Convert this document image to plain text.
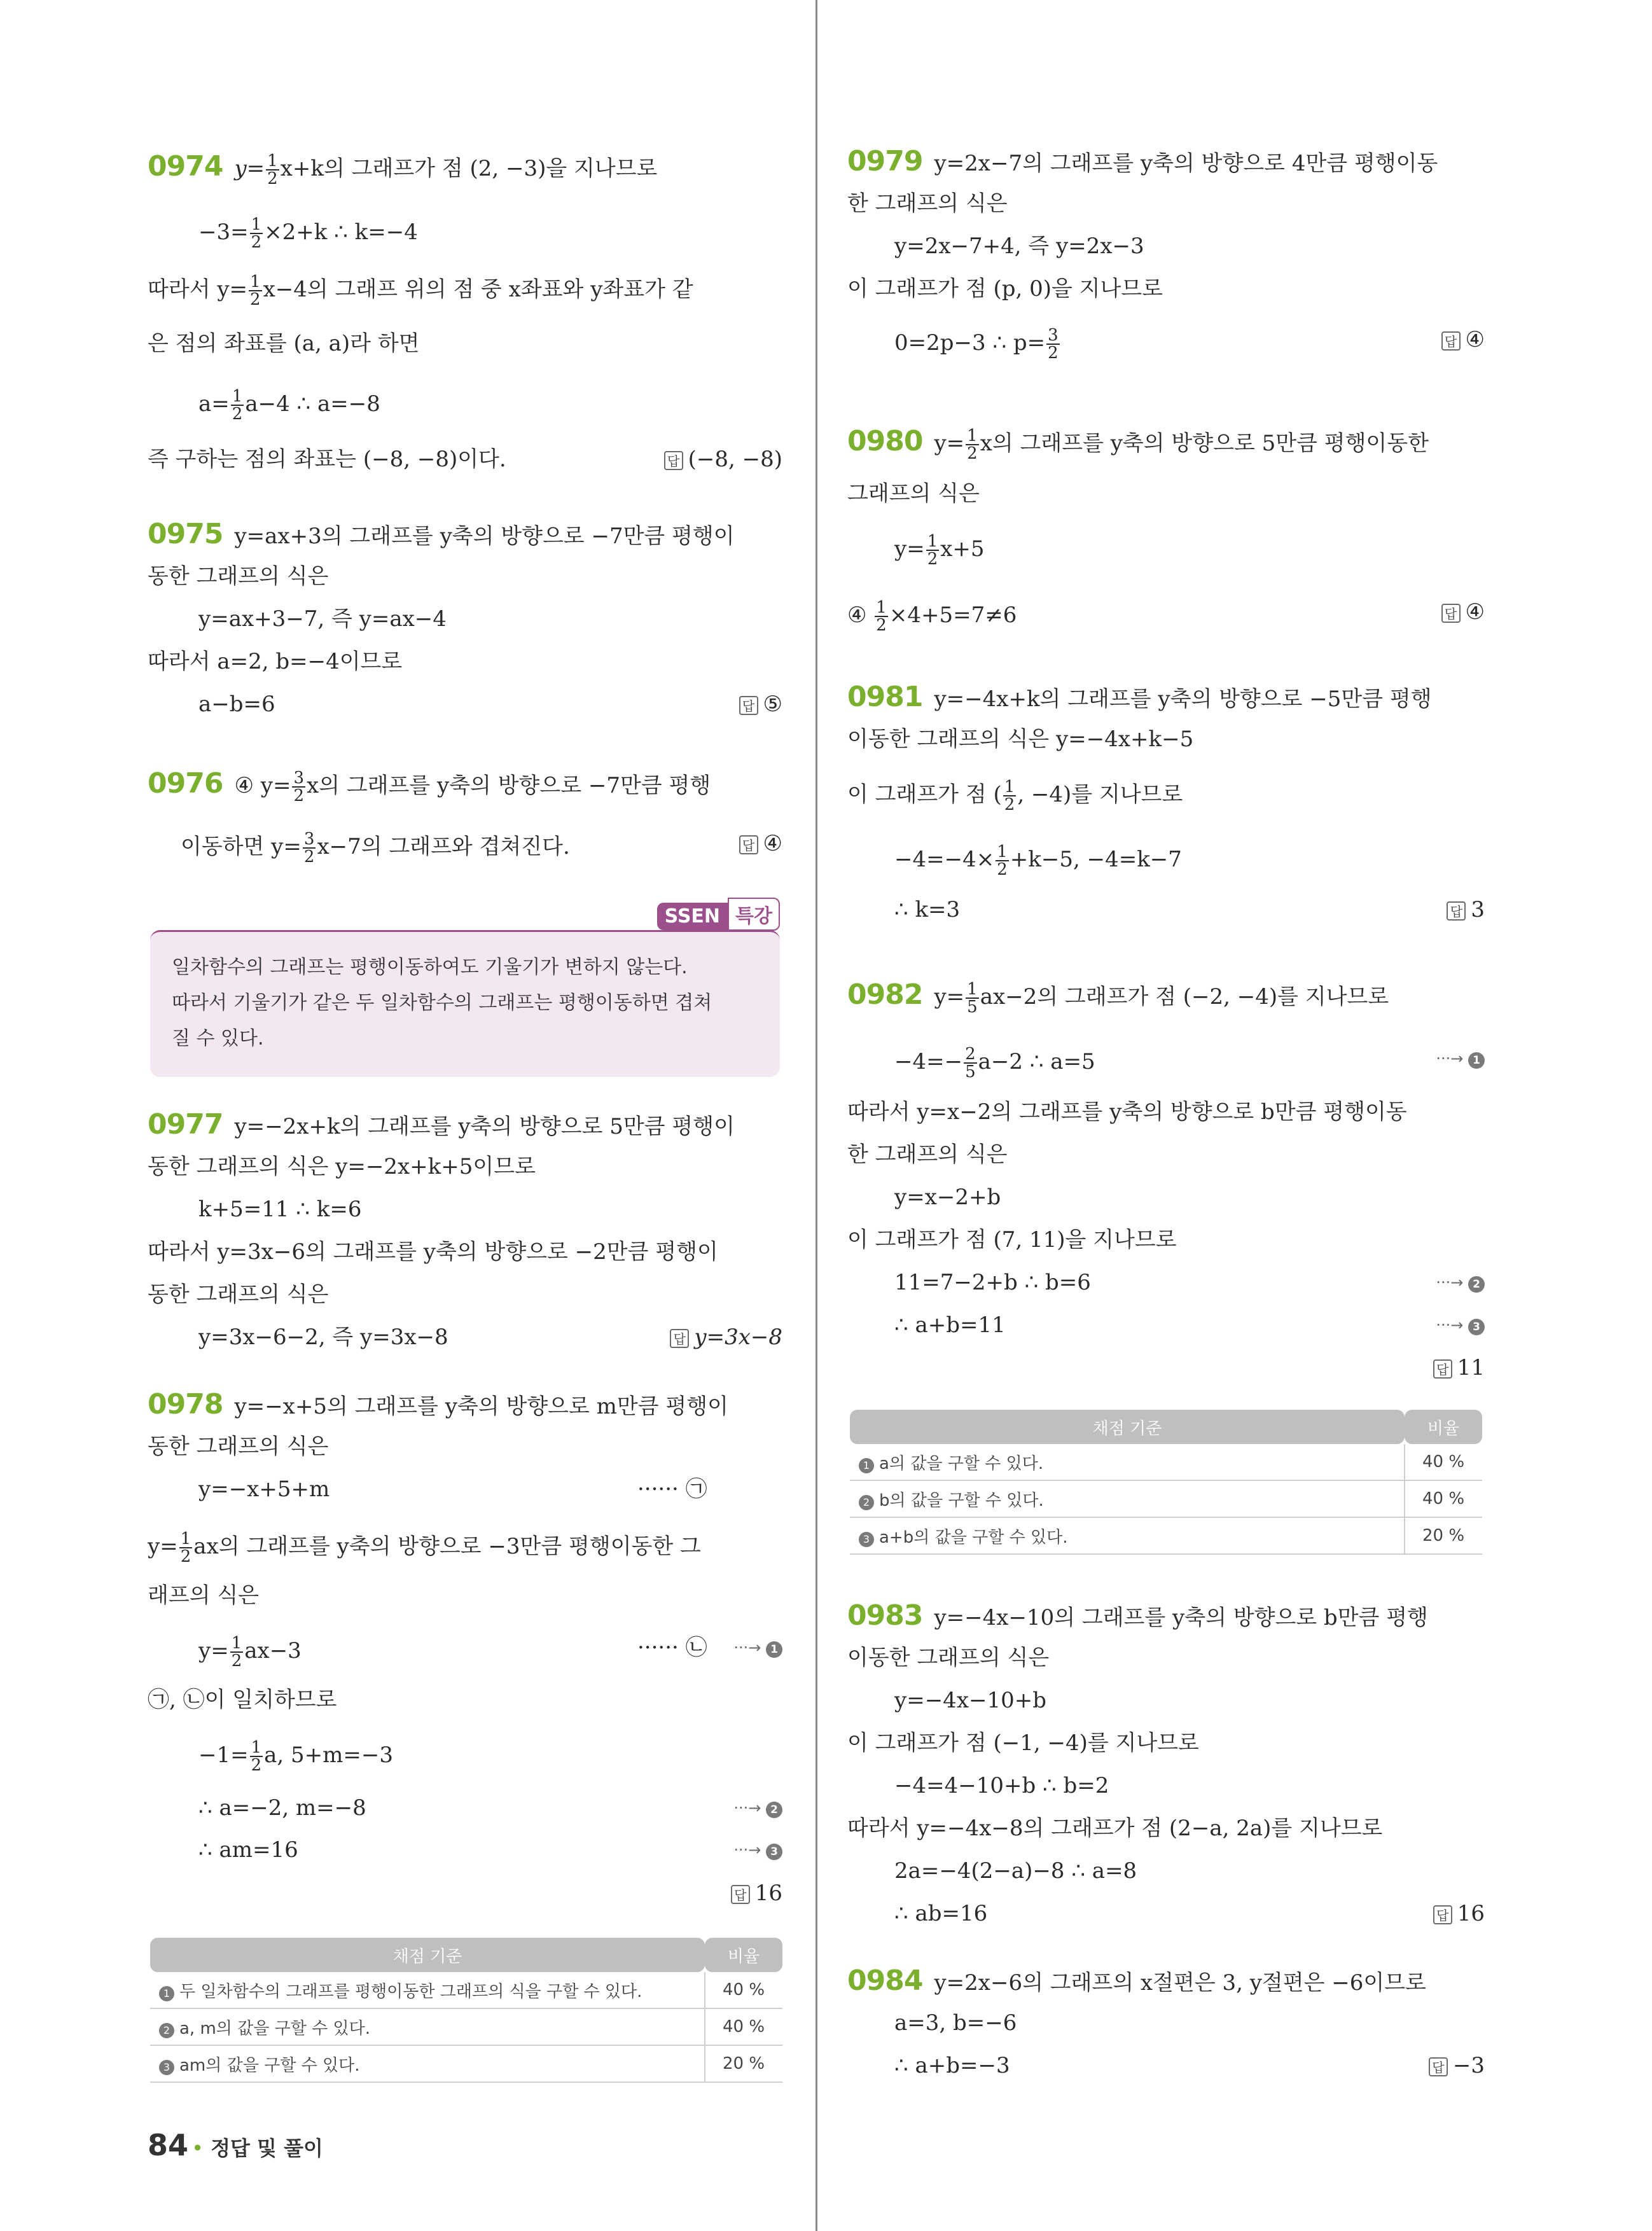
0974 $y= \frac{1}{2} x+k$의 그래프가 점 (2, −3)을 지나므로
$-3= \frac{1}{2} \times 2+k$ ∴ k=−4
따라서 $y= \frac{1}{2} x-4$의 그래프 위의 점 중 x좌표와 y좌표가 같
은 점의 좌표를 (a, a)라 하면
$a= \frac{1}{2} a-4$ ∴ a=−8
즉 구하는 점의 좌표는 (−8, −8)이다.	답 (−8, −8)
0975 y=ax+3의 그래프를 y축의 방향으로 −7만큼 평행이
동한 그래프의 식은
y=ax+3−7, 즉 y=ax−4
따라서 a=2, b=−4이므로
a−b=6	답 ⑤
0976 ④ $y= \frac{3}{2}$ x의 그래프를 y축의 방향으로 −7만큼 평행
이동하면 $y= \frac{3}{2} x-7$의 그래프와 겹쳐진다.	답 ④
SSEN 특강
일차함수의 그래프는 평행이동하여도 기울기가 변하지 않는다.
따라서 기울기가 같은 두 일차함수의 그래프는 평행이동하면 겹쳐
질 수 있다.
0977 y=−2x+k의 그래프를 y축의 방향으로 5만큼 평행이
동한 그래프의 식은 y=−2x+k+5이므로
k+5=11 ∴ k=6
따라서 y=3x−6의 그래프를 y축의 방향으로 −2만큼 평행이
동한 그래프의 식은
y=3x−6−2, 즉 y=3x−8	답 y=3x−8
0978 y=−x+5의 그래프를 y축의 방향으로 m만큼 평행이
동한 그래프의 식은
y=−x+5+m	······ ㉠
$y= \frac{1}{2}$ ax의 그래프를 y축의 방향으로 −3만큼 평행이동한 그
래프의 식은
$y= \frac{1}{2} ax-3$	······ ㉡ ···→ 1
㉠, ㉡이 일치하므로
$-1= \frac{1}{2} a$, 5+m=−3
∴ a=−2, m=−8	···→ 2
∴ am=16	···→ 3
답 16
채점 기준	비율
1 두 일차함수의 그래프를 평행이동한 그래프의 식을 구할 수 있다.	40 %
2 a, m의 값을 구할 수 있다.	40 %
3 am의 값을 구할 수 있다.	20 %
0979 y=2x−7의 그래프를 y축의 방향으로 4만큼 평행이동
한 그래프의 식은
y=2x−7+4, 즉 y=2x−3
이 그래프가 점 (p, 0)을 지나므로
0=2p−3 ∴ $p= \frac{3}{2}$	답 ④
0980 $y= \frac{1}{2}$ x의 그래프를 y축의 방향으로 5만큼 평행이동한
그래프의 식은
$y= \frac{1}{2} x+5$
④ $\frac{1}{2} \times 4+5=7\ne 6$	답 ④
0981 y=−4x+k의 그래프를 y축의 방향으로 −5만큼 평행
이동한 그래프의 식은 y=−4x+k−5
이 그래프가 점 ( $\frac{1}{2}$ , −4)를 지나므로
$-4=-4\times \frac{1}{2} +k-5$, −4=k−7
∴ k=3	답 3
0982 $y= \frac{1}{5} ax-2$의 그래프가 점 (−2, −4)를 지나므로
$-4=- \frac{2}{5} a-2$ ∴ a=5	···→ 1
따라서 y=x−2의 그래프를 y축의 방향으로 b만큼 평행이동
한 그래프의 식은
y=x−2+b
이 그래프가 점 (7, 11)을 지나므로
11=7−2+b ∴ b=6	···→ 2
∴ a+b=11	···→ 3
답 11
채점 기준	비율
1 a의 값을 구할 수 있다.	40 %
2 b의 값을 구할 수 있다.	40 %
3 a+b의 값을 구할 수 있다.	20 %
0983 y=−4x−10의 그래프를 y축의 방향으로 b만큼 평행
이동한 그래프의 식은
y=−4x−10+b
이 그래프가 점 (−1, −4)를 지나므로
−4=4−10+b ∴ b=2
따라서 y=−4x−8의 그래프가 점 (2−a, 2a)를 지나므로
2a=−4(2−a)−8 ∴ a=8
∴ ab=16	답 16
0984 y=2x−6의 그래프의 x절편은 3, y절편은 −6이므로
a=3, b=−6
∴ a+b=−3	답 −3
84 • 정답 및 풀이
